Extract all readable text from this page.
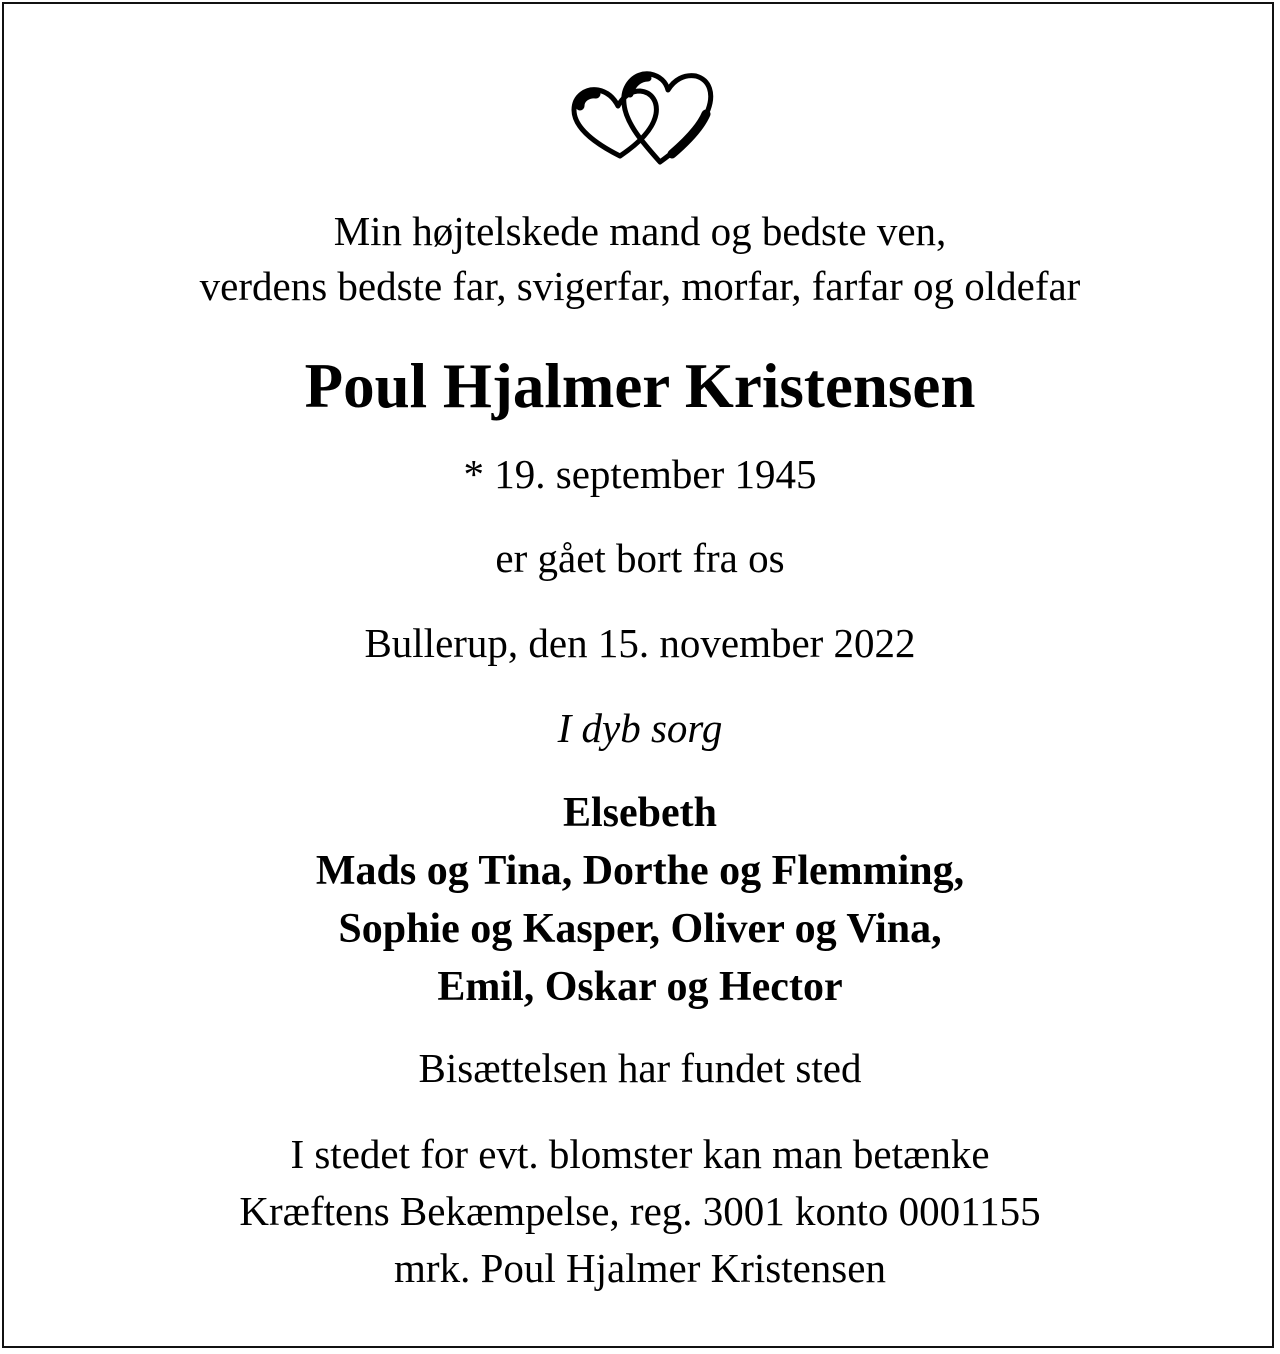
Min højtelskede mand og bedste ven,
verdens bedste far, svigerfar, morfar, farfar og oldefar
Poul Hjalmer Kristensen
* 19. september 1945
er gået bort fra os
Bullerup, den 15. november 2022
I dyb sorg
Elsebeth
Mads og Tina, Dorthe og Flemming,
Sophie og Kasper, Oliver og Vina,
Emil, Oskar og Hector
Bisættelsen har fundet sted
I stedet for evt. blomster kan man betænke
Kræftens Bekæmpelse, reg. 3001 konto 0001155
mrk. Poul Hjalmer Kristensen
